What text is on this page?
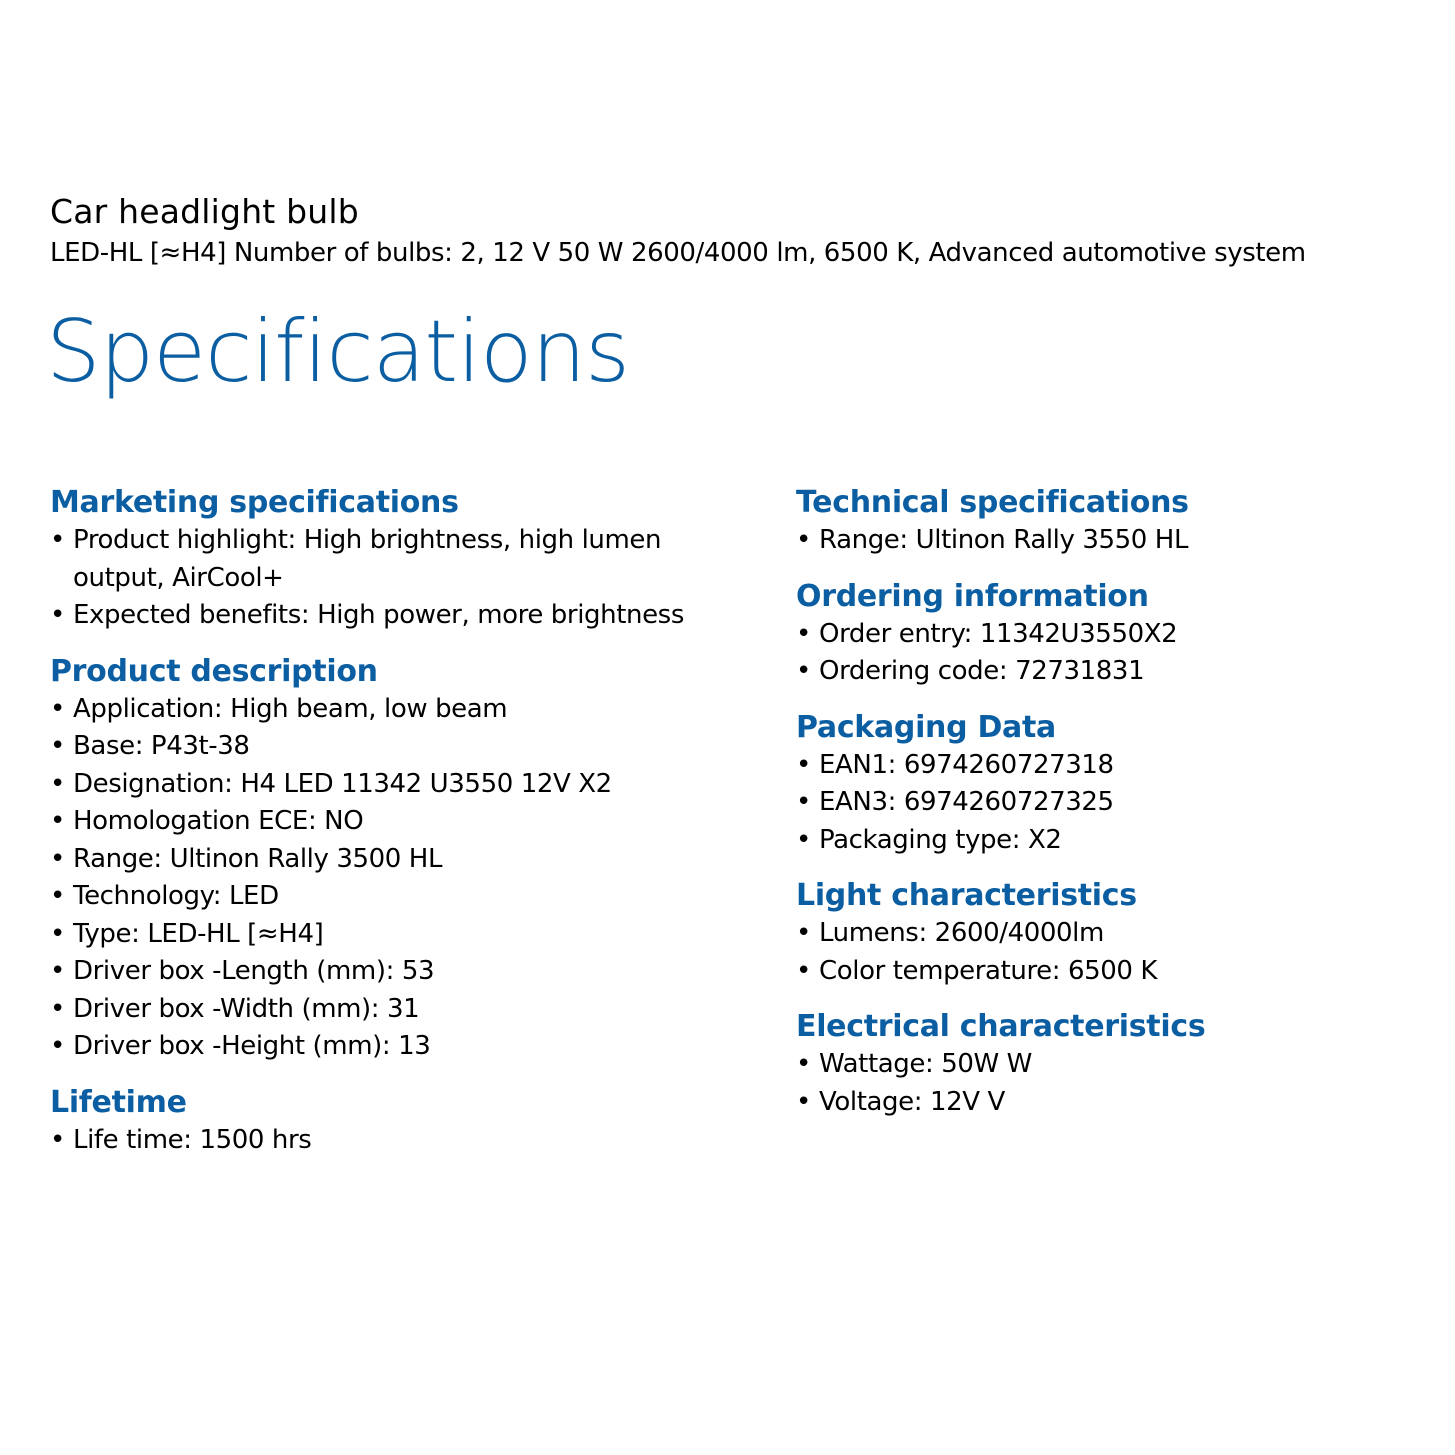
Car headlight bulb
LED-HL [≈H4] Number of bulbs: 2, 12 V 50 W 2600/4000 lm, 6500 K, Advanced automotive system
Specifications
Marketing specifications
• Product highlight: High brightness, high lumen output, AirCool+
• Expected benefits: High power, more brightness
Product description
• Application: High beam, low beam
• Base: P43t-38
• Designation: H4 LED 11342 U3550 12V X2
• Homologation ECE: NO
• Range: Ultinon Rally 3500 HL
• Technology: LED
• Type: LED-HL [≈H4]
• Driver box -Length (mm): 53
• Driver box -Width (mm): 31
• Driver box -Height (mm): 13
Lifetime
• Life time: 1500 hrs
Technical specifications
• Range: Ultinon Rally 3550 HL
Ordering information
• Order entry: 11342U3550X2
• Ordering code: 72731831
Packaging Data
• EAN1: 6974260727318
• EAN3: 6974260727325
• Packaging type: X2
Light characteristics
• Lumens: 2600/4000lm
• Color temperature: 6500 K
Electrical characteristics
• Wattage: 50W W
• Voltage: 12V V
